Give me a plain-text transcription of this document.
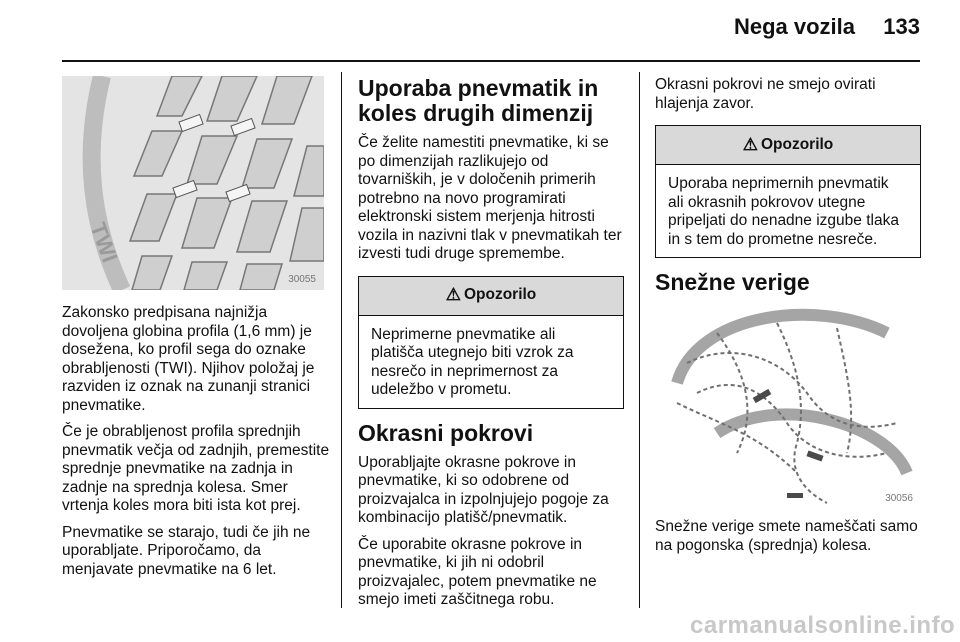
Nega vozila	133
TWI
30055

Zakonsko predpisana najnižja dovoljena globina profila (1,6 mm) je dosežena, ko profil sega do oznake obrabljenosti (TWI). Njihov položaj je razviden iz oznak na zunanji stranici pnevmatike.

Če je obrabljenost profila sprednjih pnevmatik večja od zadnjih, premestite sprednje pnevmatike na zadnja in zadnje na sprednja kolesa. Smer vrtenja koles mora biti ista kot prej.

Pnevmatike se starajo, tudi če jih ne uporabljate. Priporočamo, da menjavate pnevmatike na 6 let.

Uporaba pnevmatik in koles drugih dimenzij

Če želite namestiti pnevmatike, ki se po dimenzijah razlikujejo od tovarniških, je v določenih primerih potrebno na novo programirati elektronski sistem merjenja hitrosti vozila in nazivni tlak v pnevmatikah ter izvesti tudi druge spremembe.

⚠ Opozorilo
Neprimerne pnevmatike ali platišča utegnejo biti vzrok za nesrečo in neprimernost za udeležbo v prometu.
Okrasni pokrovi

Uporabljajte okrasne pokrove in pnevmatike, ki so odobrene od proizvajalca in izpolnjujejo pogoje za kombinacijo platišč/pnevmatik.

Če uporabite okrasne pokrove in pnevmatike, ki jih ni odobril proizvajalec, potem pnevmatike ne smejo imeti zaščitnega robu.

Okrasni pokrovi ne smejo ovirati hlajenja zavor.

⚠ Opozorilo
Uporaba neprimernih pnevmatik ali okrasnih pokrovov utegne pripeljati do nenadne izgube tlaka in s tem do prometne nesreče.
Snežne verige
30056

Snežne verige smete nameščati samo na pogonska (sprednja) kolesa.

carmanualsonline.info
